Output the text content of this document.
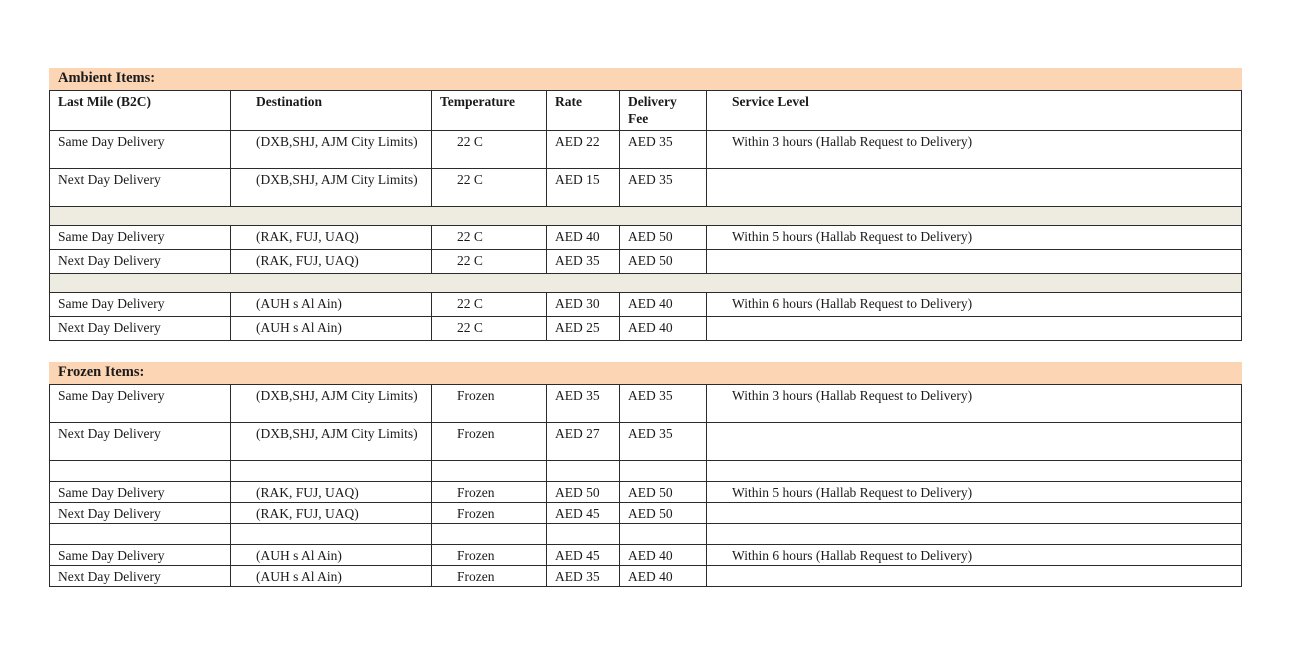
Ambient Items:					
Last Mile (B2C)	Destination	Temperature	Rate	Delivery Fee	Service Level
Same Day Delivery	(DXB,SHJ, AJM City Limits)	22 C	AED 22	AED 35	Within 3 hours (Hallab Request to Delivery)
Next Day Delivery	(DXB,SHJ, AJM City Limits)	22 C	AED 15	AED 35	

Same Day Delivery	(RAK, FUJ, UAQ)	22 C	AED 40	AED 50	Within 5 hours (Hallab Request to Delivery)
Next Day Delivery	(RAK, FUJ, UAQ)	22 C	AED 35	AED 50	

Same Day Delivery	(AUH s Al Ain)	22 C	AED 30	AED 40	Within 6 hours (Hallab Request to Delivery)
Next Day Delivery	(AUH s Al Ain)	22 C	AED 25	AED 40	
Frozen Items:					
Same Day Delivery	(DXB,SHJ, AJM City Limits)	Frozen	AED 35	AED 35	Within 3 hours (Hallab Request to Delivery)
Next Day Delivery	(DXB,SHJ, AJM City Limits)	Frozen	AED 27	AED 35	

Same Day Delivery	(RAK, FUJ, UAQ)	Frozen	AED 50	AED 50	Within 5 hours (Hallab Request to Delivery)
Next Day Delivery	(RAK, FUJ, UAQ)	Frozen	AED 45	AED 50	

Same Day Delivery	(AUH s Al Ain)	Frozen	AED 45	AED 40	Within 6 hours (Hallab Request to Delivery)
Next Day Delivery	(AUH s Al Ain)	Frozen	AED 35	AED 40	
